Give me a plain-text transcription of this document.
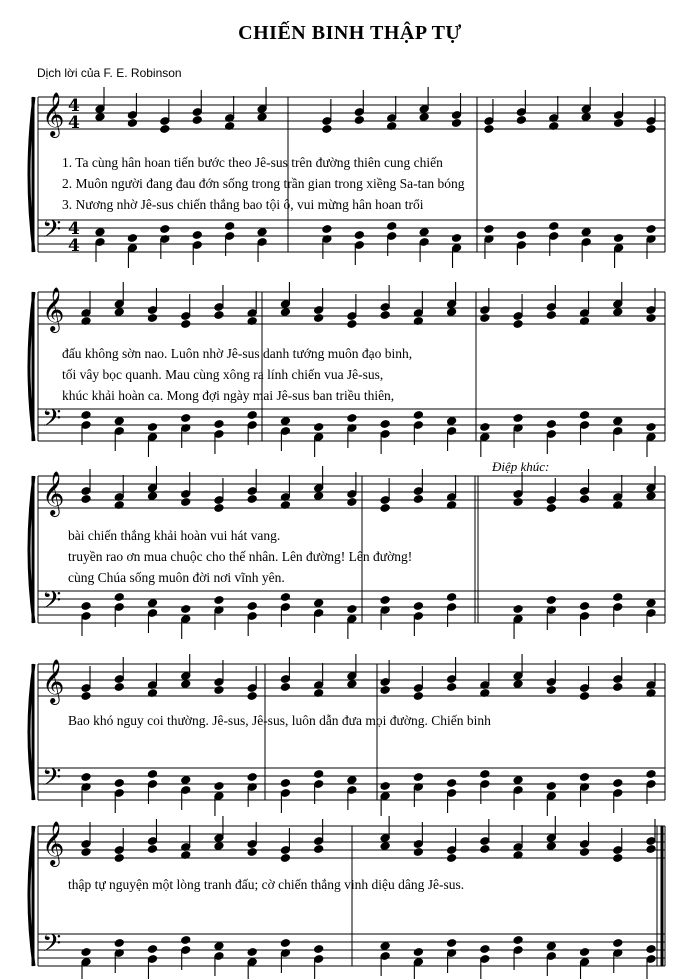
CHIẾN BINH THẬP TỰ
Dịch lời của F. E. Robinson
Điệp khúc:
𝄞
𝄢
4
4
4
4
𝄞
𝄢
𝄞
𝄢
𝄞
𝄢
𝄞
𝄢
1. Ta cùng hân hoan tiến bước theo Jê-sus trên đường thiên cung chiến
2. Muôn người đang đau đớn sống trong trần gian trong xiềng Sa-tan bóng
3. Nương nhờ Jê-sus chiến thắng bao tội ô, vui mừng hân hoan trổi
đấu không sờn nao. Luôn nhờ Jê-sus danh tướng muôn đạo binh,
tối vây bọc quanh. Mau cùng xông ra lính chiến vua Jê-sus,
khúc khải hoàn ca. Mong đợi ngày mai Jê-sus ban triều thiên,
bài chiến thắng khải hoàn vui hát vang.
truyền rao ơn mua chuộc cho thế nhân. Lên đường! Lên đường!
cùng Chúa sống muôn đời nơi vĩnh yên.
Bao khó nguy coi thường. Jê-sus, Jê-sus, luôn dẫn đưa mọi đường. Chiến binh
thập tự nguyện một lòng tranh đấu; cờ chiến thắng vinh diệu dâng Jê-sus.
